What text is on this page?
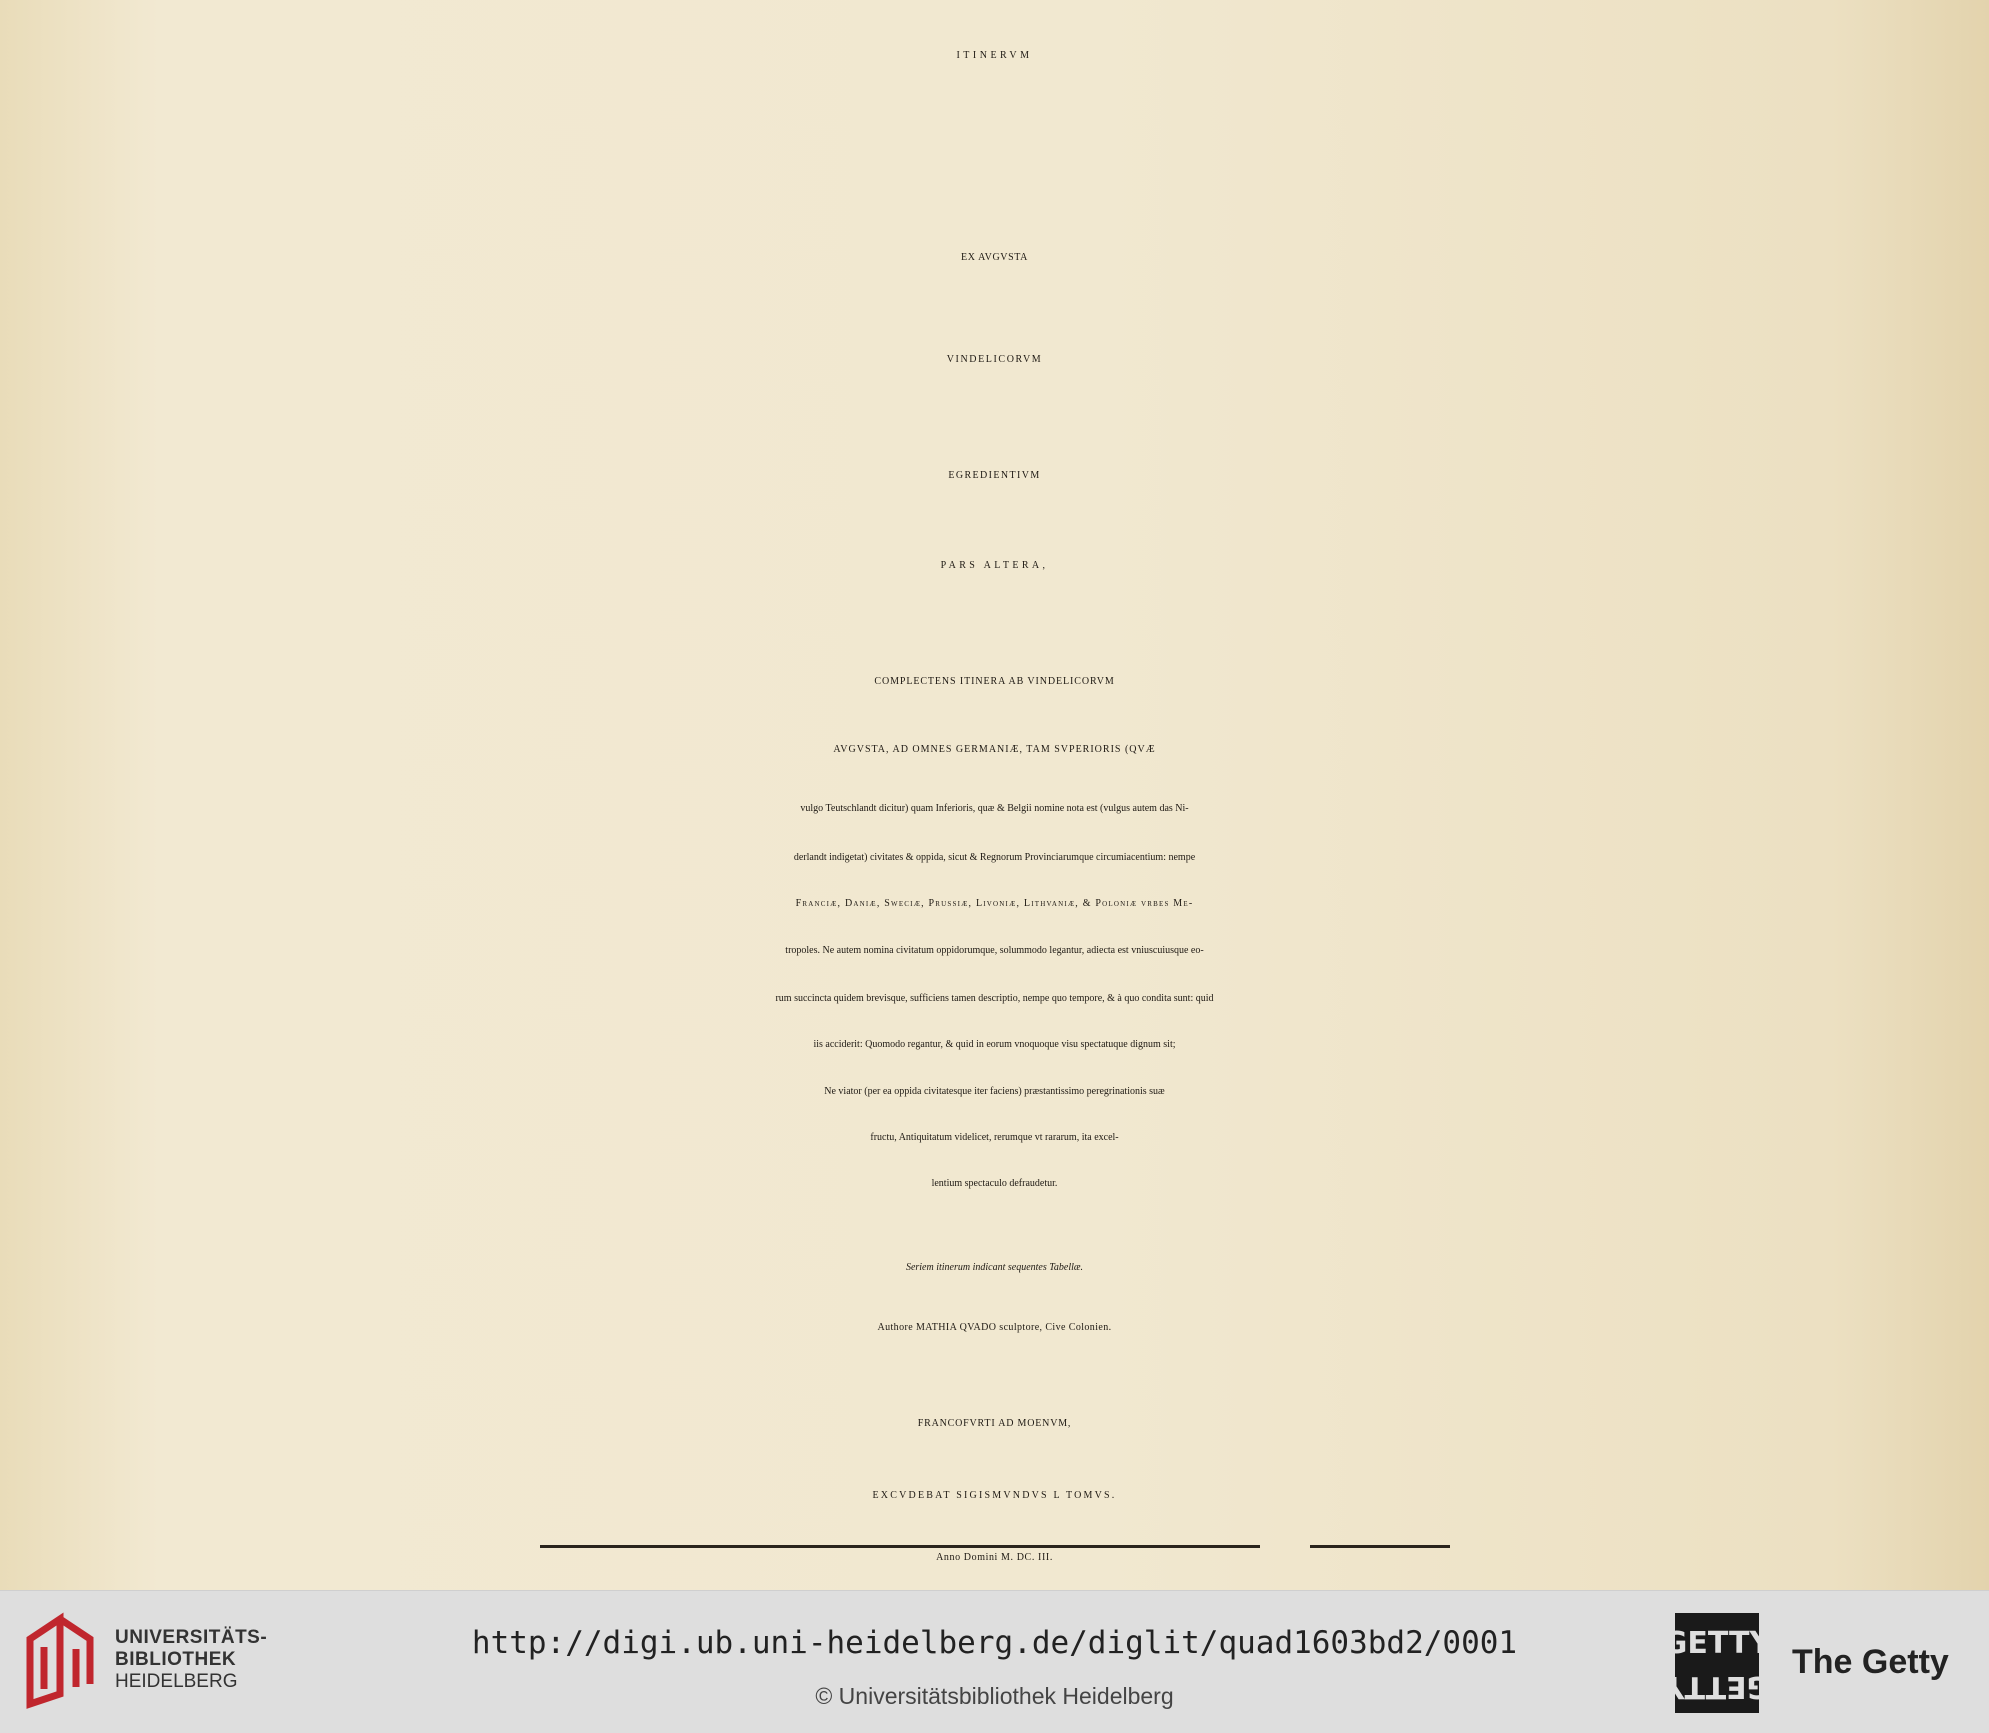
ITINERVM
EX AVGVSTA
VINDELICORVM
EGREDIENTIVM
PARS ALTERA,
COMPLECTENS ITINERA AB VINDELICORVM
AVGVSTA, AD OMNES GERMANIÆ, TAM SVPERIORIS (QVÆ
vulgo Teutschlandt dicitur) quam Inferioris, quæ & Belgii nomine nota est (vulgus autem das Ni-
derlandt indigetat) civitates & oppida, sicut & Regnorum Provinciarumque circumiacentium: nempe
Franciæ, Daniæ, Sweciæ, Prussiæ, Livoniæ, Lithvaniæ, & Poloniæ vrbes Me-
tropoles. Ne autem nomina civitatum oppidorumque, solummodo legantur, adiecta est vniuscuiusque eo-
rum succincta quidem brevisque, sufficiens tamen descriptio, nempe quo tempore, & à quo condita sunt: quid
iis acciderit: Quomodo regantur, & quid in eorum vnoquoque visu spectatuque dignum sit;
Ne viator (per ea oppida civitatesque iter faciens) præstantissimo peregrinationis suæ
fructu, Antiquitatum videlicet, rerumque vt rararum, ita excel-
lentium spectaculo defraudetur.
Seriem itinerum indicant sequentes Tabellæ.
Authore MATHIA QVADO sculptore, Cive Colonien.
FRANCOFVRTI AD MOENVM,
EXCVDEBAT SIGISMVNDVS L TOMVS.
Anno Domini M. DC. III.
UNIVERSITÄTS-
BIBLIOTHEK
HEIDELBERG
http://digi.ub.uni-heidelberg.de/diglit/quad1603bd2/0001
© Universitätsbibliothek Heidelberg
GETTY
GETTY
The Getty
